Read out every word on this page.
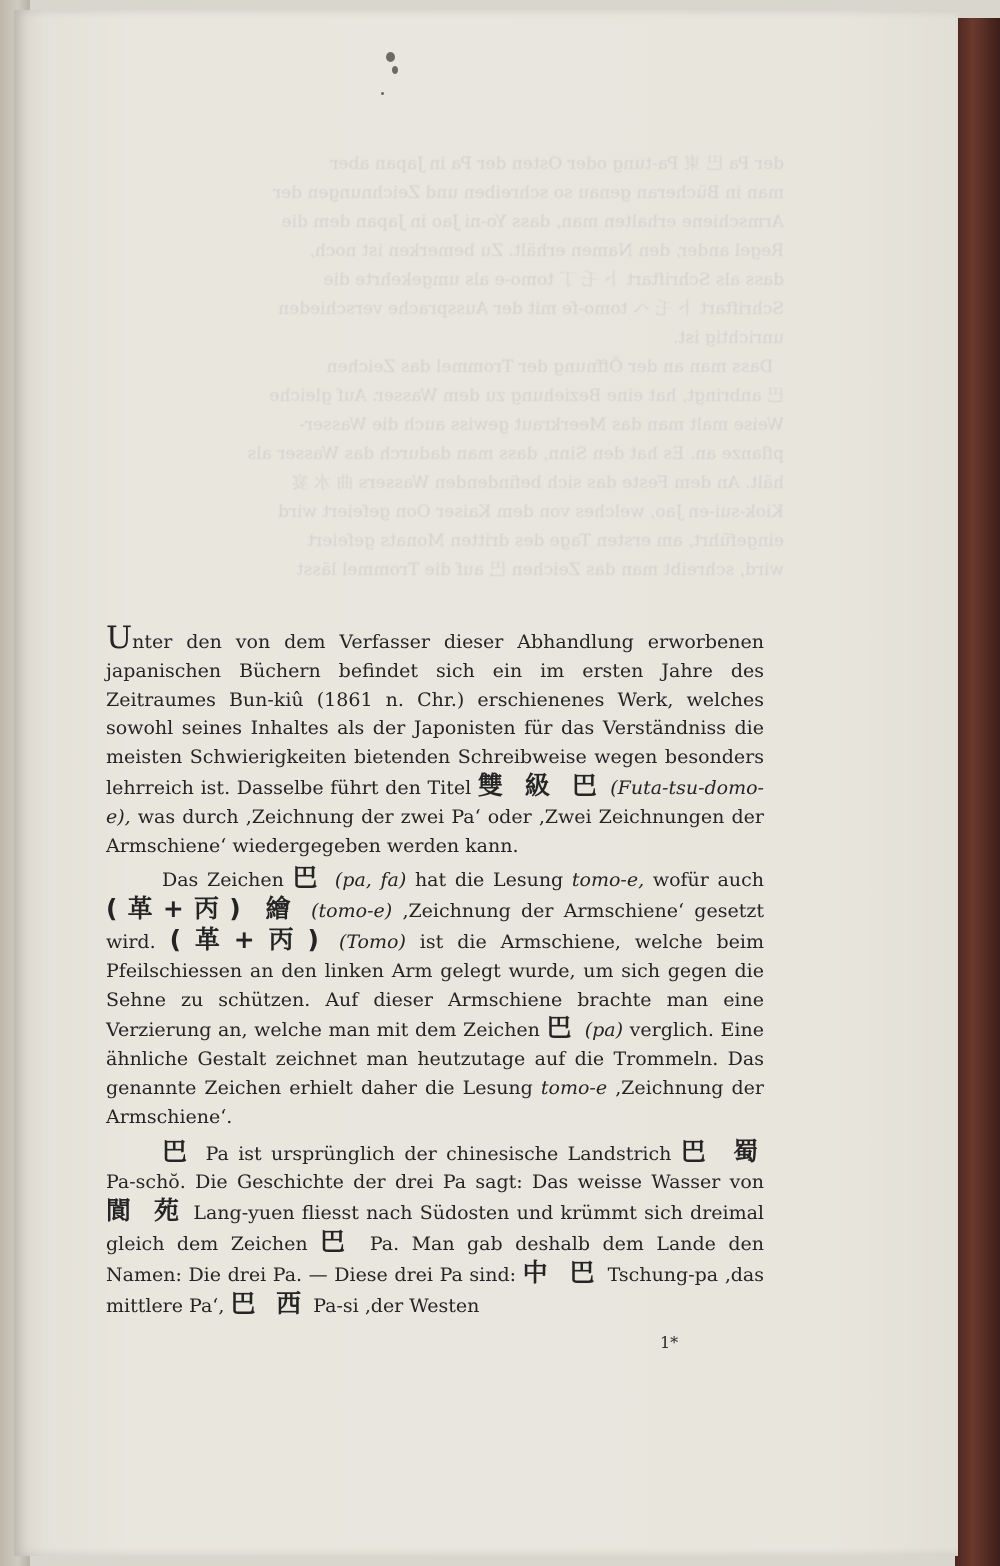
der Pa 巴 東 Pa-tung oder Osten der Pa in Japan aber

man in Bücheran genau so schreiben und Zeichnungen der

Armschiene erhalten man, dass Yo-ni Jao in Japan dem die

Regel ander, den Namen erhält. Zu bemerken ist noch,

dass als Schriftart 卜 乇 丁 tomo-e als umgekehrte die

Schriftart 卜 乇 へ tomo-fe mit der Aussprache verschieden

unrichtig ist.

Dass man an der Öffnung der Trommel das Zeichen

巴 anbringt, hat eine Beziehung zu dem Wasser. Auf gleiche

Weise malt man das Meerkraut gewiss auch die Wasser-

pflanze an. Es hat den Sinn, dass man dadurch das Wasser als

hält. An dem Feste das sich befindenden Wassers 曲 水 宴

Kiok-sui-en Jao, welches von dem Kaiser Oon gefeiert wird

eingeführt, am ersten Tage des dritten Monats gefeiert

wird, schreibt man das Zeichen 巴 auf die Trommel lässt

Unter den von dem Verfasser dieser Abhandlung erworbenen japanischen Büchern befindet sich ein im ersten Jahre des Zeitraumes Bun-kiû (1861 n. Chr.) erschienenes Werk, welches sowohl seines Inhaltes als der Japonisten für das Verständniss die meisten Schwierigkeiten bietenden Schreibweise wegen besonders lehrreich ist. Dasselbe führt den Titel 雙 級 巴 (Futa-tsu-domo-e), was durch ‚Zeichnung der zwei Pa‘ oder ‚Zwei Zeichnungen der Armschiene‘ wiedergegeben werden kann.

Das Zeichen 巴 (pa, fa) hat die Lesung tomo-e, wofür auch (革+丙) 繪 (tomo-e) ‚Zeichnung der Armschiene‘ gesetzt wird. (革+丙) (Tomo) ist die Armschiene, welche beim Pfeilschiessen an den linken Arm gelegt wurde, um sich gegen die Sehne zu schützen. Auf dieser Armschiene brachte man eine Verzierung an, welche man mit dem Zeichen 巴 (pa) verglich. Eine ähnliche Gestalt zeichnet man heutzutage auf die Trommeln. Das genannte Zeichen erhielt daher die Lesung tomo-e ‚Zeichnung der Armschiene‘.

巴 Pa ist ursprünglich der chinesische Landstrich 巴 蜀 Pa-schŏ. Die Geschichte der drei Pa sagt: Das weisse Wasser von 閬 苑 Lang-yuen fliesst nach Südosten und krümmt sich dreimal gleich dem Zeichen 巴 Pa. Man gab deshalb dem Lande den Namen: Die drei Pa. — Diese drei Pa sind: 中 巴 Tschung-pa ‚das mittlere Pa‘, 巴 西 Pa-si ‚der Westen

1*
